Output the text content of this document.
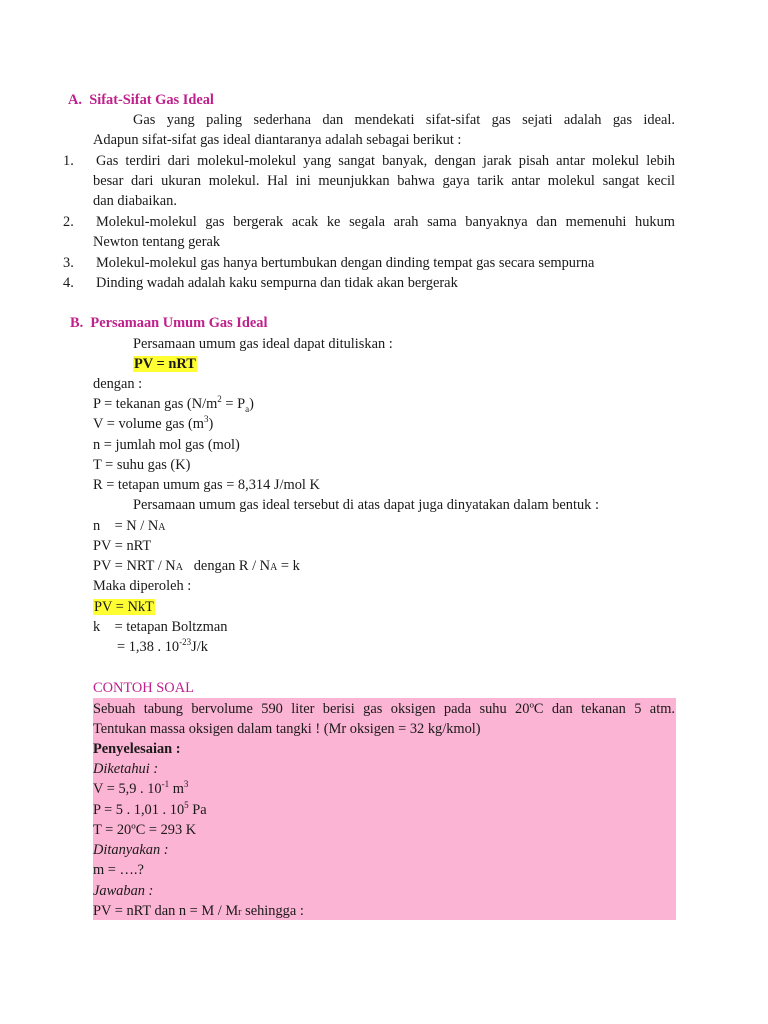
A. Sifat-Sifat Gas Ideal
Gas yang paling sederhana dan mendekati sifat-sifat gas sejati adalah gas ideal.
Adapun sifat-sifat gas ideal diantaranya adalah sebagai berikut :
1. Gas terdiri dari molekul-molekul yang sangat banyak, dengan jarak pisah antar molekul lebih
besar dari ukuran molekul. Hal ini meunjukkan bahwa gaya tarik antar molekul sangat kecil
dan diabaikan.
2. Molekul-molekul gas bergerak acak ke segala arah sama banyaknya dan memenuhi hukum
Newton tentang gerak
3. Molekul-molekul gas hanya bertumbukan dengan dinding tempat gas secara sempurna
4. Dinding wadah adalah kaku sempurna dan tidak akan bergerak
B. Persamaan Umum Gas Ideal
Persamaan umum gas ideal dapat dituliskan :
PV = nRT
dengan :
P = tekanan gas $(N/m^2 = P_a)$
V = volume gas $(m^3)$
n = jumlah mol gas (mol)
T = suhu gas (K)
R = tetapan umum gas = 8,314 J/mol K
Persamaan umum gas ideal tersebut di atas dapat juga dinyatakan dalam bentuk :
n    = N / NA
PV = nRT
PV = NRT / NA   dengan R / NA = k
Maka diperoleh :
PV = NkT
k    = tetapan Boltzman
= 1,38 . $10^{-23}J/k$
CONTOH SOAL
Sebuah tabung bervolume 590 liter berisi gas oksigen pada suhu 20ºC dan tekanan 5 atm.
Tentukan massa oksigen dalam tangki ! (Mr oksigen = 32 kg/kmol)
Penyelesaian :
Diketahui :
V = 5,9 . $10^{-1}$ $m^3$
P = 5 . 1,01 . $10^5$ Pa
T = 20ºC = 293 K
Ditanyakan :
m = ….?
Jawaban :
PV = nRT dan n = M / Mr sehingga :
